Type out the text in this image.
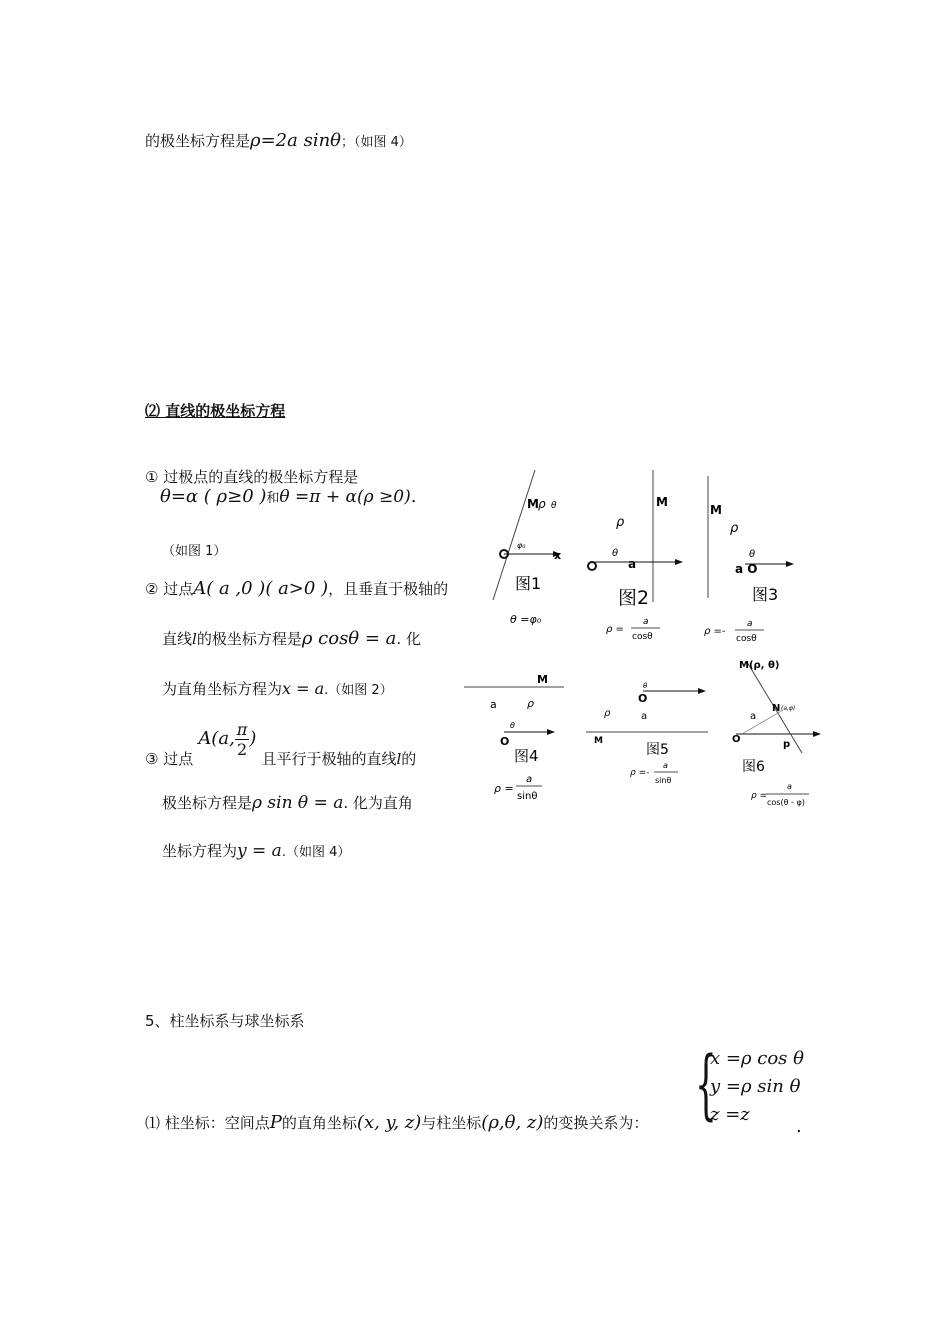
的极坐标方程是ρ=2a sinθ；（如图 4）
⑵ 直线的极坐标方程
① 过极点的直线的极坐标方程是
θ=α ( ρ≥0 )和θ =π + α(ρ ≥0).
（如图 1）
② 过点A( a ,0 )( a>0 )，且垂直于极轴的
直线l的极坐标方程是ρ cosθ = a. 化
为直角坐标方程为x = a.（如图 2）
③ 过点 A(a, $\frac{\pi}{2}$ ) 且平行于极轴的直线l的
极坐标方程是ρ sin θ = a. 化为直角
坐标方程为y = a.（如图 4）
M ρ θ
φ₀
x
图1
θ =φ₀
M
ρ
θ
a
图2
ρ =
a
cosθ
M
ρ
θ
a O
图3
ρ =-
a
cosθ
M
a	ρ
θ
O
图4
ρ =
a
sinθ
θ
O
ρ	a
M
图5
ρ =-
a
sinθ
M(ρ, θ)
N (a,φ)
a
O	p
图6
ρ =
a
cos(θ - φ)
5、柱坐标系与球坐标系
⑴ 柱坐标：空间点P的直角坐标(x, y, z)与柱坐标(ρ,θ, z)的变换关系为： {
x =ρ cos θ
y =ρ sin θ
z =z
.
